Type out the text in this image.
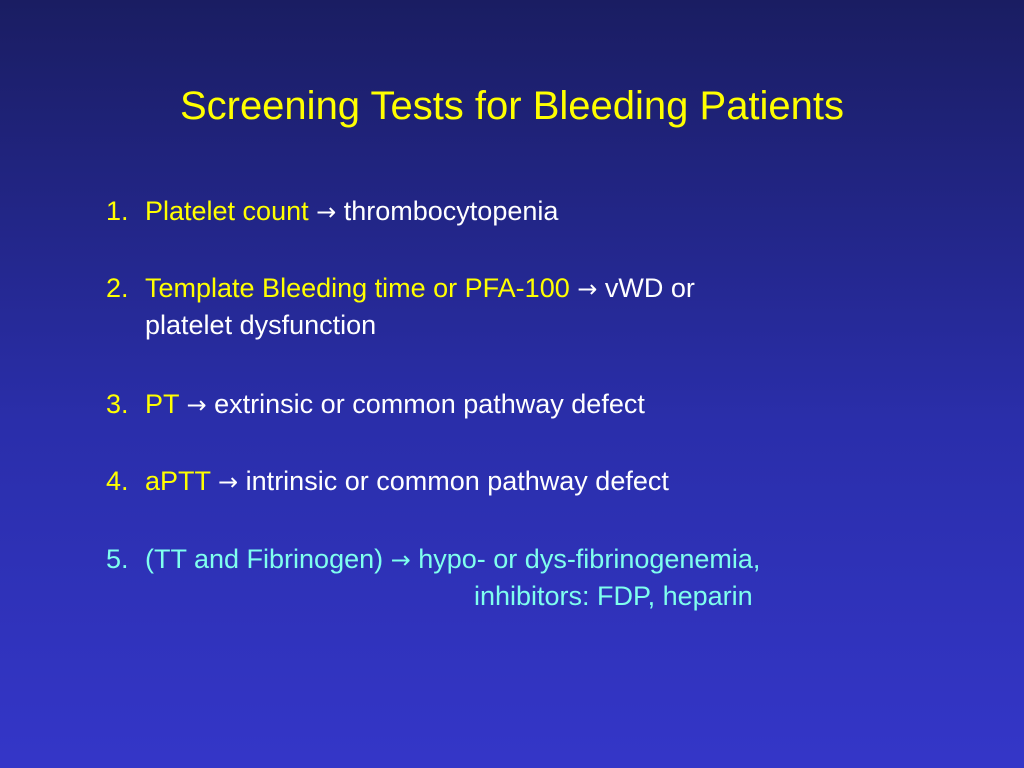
Screening Tests for Bleeding Patients
1. Platelet count → thrombocytopenia
2. Template Bleeding time or PFA-100 → vWD or
platelet dysfunction
3. PT → extrinsic or common pathway defect
4. aPTT → intrinsic or common pathway defect
5. (TT and Fibrinogen) → hypo- or dys-fibrinogenemia,
inhibitors: FDP, heparin
